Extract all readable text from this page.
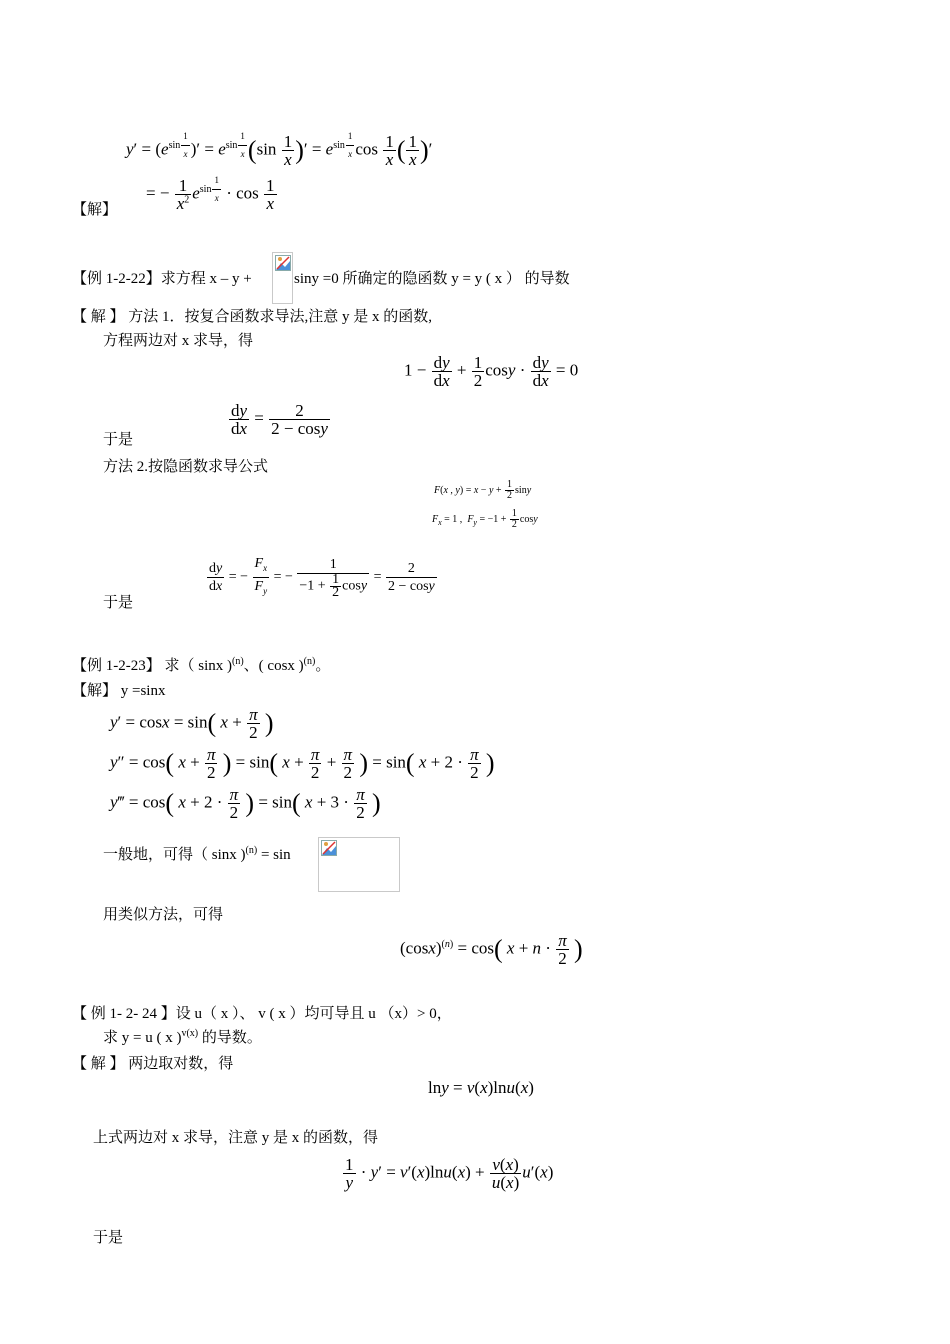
$y' = (e^{sin \frac{1}{x}}$ )′ = $e^{sin \frac{1}{x}}$ ($\sin \frac{1}{x}$ )′ = $e^{sin \frac{1}{x}}$ $\cos \frac{1}{x}$ ( $\frac{1}{x}$ )′
= − $\frac{1}{x^2} e^{sin \frac{1}{x}} \cdot \cos \frac{1}{x}$
【解】
【例 1-2-22】求方程 x – y +	siny =0 所确定的隐函数 y = y ( x ） 的导数
【 解 】 方法 1．按复合函数求导法,注意 y 是 x 的函数,
方程两边对 x 求导，得
$1 - \frac{dy}{dx} + \frac{1}{2}$ $\cos y \cdot \frac{dy}{dx} = 0$
$\frac{dy}{dx} = \frac{2}{2 - \cos y}$
于是
方法 2.按隐函数求导公式
F(x , $y) = x - y + \frac{1}{2}$ siny
$F_x = 1$ ,  $F_y = -1 + \frac{1}{2}$ cosy
$\frac{dy}{dx}$ = − $\frac{F_x}{F_y}$ = − $\frac{1}{-1 + \frac{1}{2} \cos y} = \frac{2}{2 - \cos y}$
于是
【例 1-2-23】 求（ sinx )$^{(n)}$、( cosx )$^{(n)}$。
【解】 y =sinx
y′ = cosx = sin( $x + \frac{\pi}{2}$ )
y″ = cos( $x + \frac{\pi}{2}$ ) = sin( $x + \frac{\pi}{2} + \frac{\pi}{2}$ ) = sin( $x + 2 \cdot \frac{\pi}{2}$ )
y‴ = cos( $x + 2 \cdot \frac{\pi}{2}$ ) = sin( $x + 3 \cdot \frac{\pi}{2}$ )
一般地，可得（ sinx )$^{(n)}$ = sin
用类似方法，可得
$(\cos x)^{(n)} = \cos$( $x + n \cdot \frac{\pi}{2}$ )
【 例 1- 2- 24 】设 u（ x ）、 v ( x ）均可导且 u （x）> 0，
求 y = u ( x )$^{v(x)}$ 的导数。
【 解 】 两边取对数，得
lny = v(x)lnu(x)
上式两边对 x 求导，注意 y 是 x 的函数，得
$\frac{1}{y} \cdot y' = v'(x)\ln u(x) + \frac{v(x)}{u(x)} u'(x)$
于是
